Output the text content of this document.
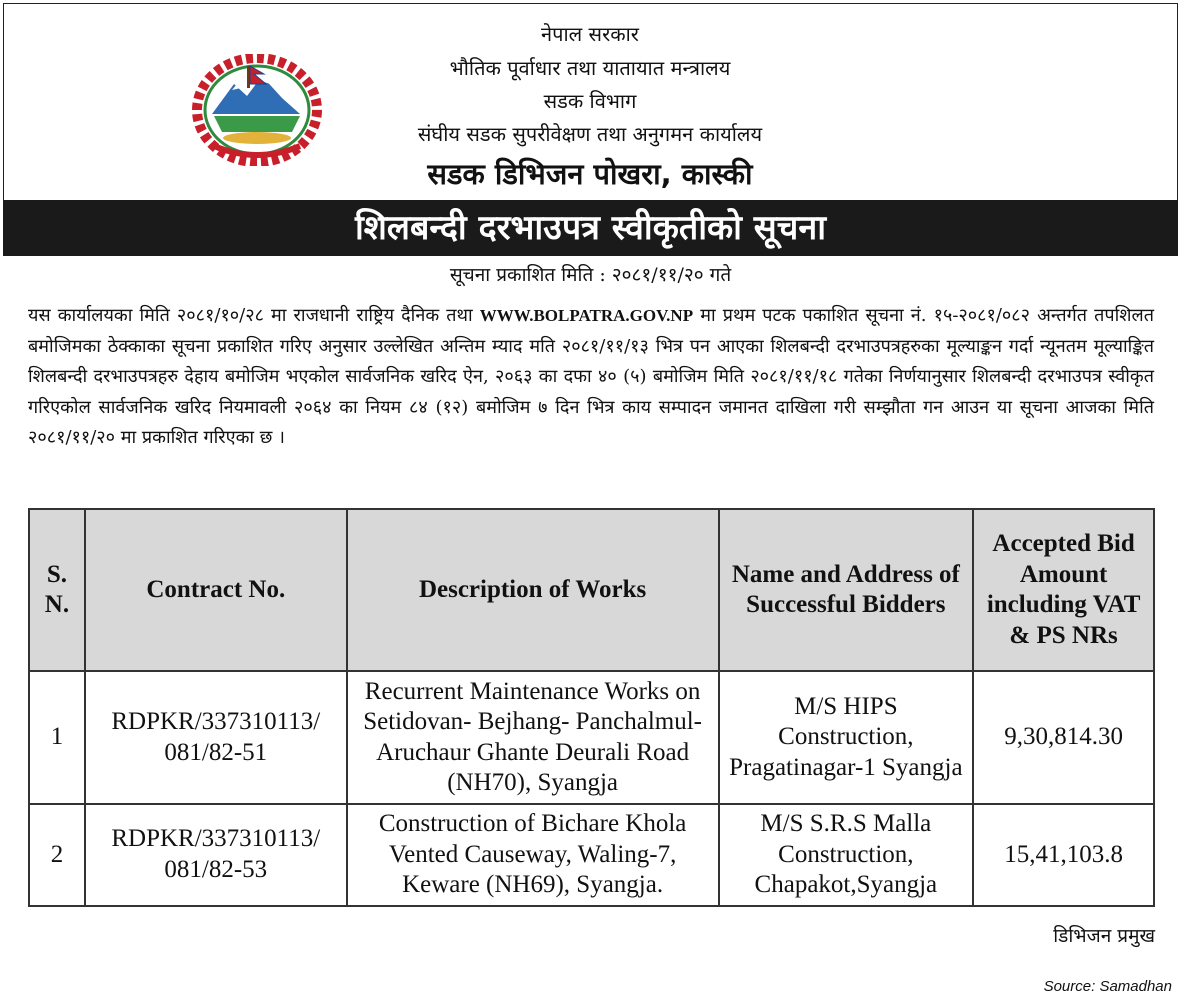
नेपाल सरकार
भौतिक पूर्वाधार तथा यातायात मन्त्रालय
सडक विभाग
संघीय सडक सुपरीवेक्षण तथा अनुगमन कार्यालय
सडक डिभिजन पोखरा, कास्की
शिलबन्दी दरभाउपत्र स्वीकृतीको सूचना
सूचना प्रकाशित मिति : २०८१/११/२० गते
यस कार्यालयका मिति २०८१/१०/२८ मा राजधानी राष्ट्रिय दैनिक तथा WWW.BOLPATRA.GOV.NP मा प्रथम पटक पकाशित सूचना नं. १५-२०८१/०८२ अन्तर्गत तपशिलत बमोजिमका ठेक्काका सूचना प्रकाशित गरिए अनुसार उल्लेखित अन्तिम म्याद मति २०८१/११/१३ भित्र पन आएका शिलबन्दी दरभाउपत्रहरुका मूल्याङ्कन गर्दा न्यूनतम मूल्याङ्कित शिलबन्दी दरभाउपत्रहरु देहाय बमोजिम भएकोल सार्वजनिक खरिद ऐन, २०६३ का दफा ४० (५) बमोजिम मिति २०८१/११/१८ गतेका निर्णयानुसार शिलबन्दी दरभाउपत्र स्वीकृत गरिएकोल सार्वजनिक खरिद नियमावली २०६४ का नियम ८४ (१२) बमोजिम ७ दिन भित्र काय सम्पादन जमानत दाखिला गरी सम्झौता गन आउन या सूचना आजका मिति २०८१/११/२० मा प्रकाशित गरिएका छ ।
S. N.	Contract No.	Description of Works	Name and Address of Successful Bidders	Accepted Bid Amount including VAT & PS NRs
1	RDPKR/337310113/ 081/82-51	Recurrent Maintenance Works on Setidovan- Bejhang- Panchalmul-Aruchaur Ghante Deurali Road (NH70), Syangja	M/S HIPS Construction, Pragatinagar-1 Syangja	9,30,814.30
2	RDPKR/337310113/ 081/82-53	Construction of Bichare Khola Vented Causeway, Waling-7, Keware (NH69), Syangja.	M/S S.R.S Malla Construction, Chapakot,Syangja	15,41,103.8
डिभिजन प्रमुख
Source: Samadhan
